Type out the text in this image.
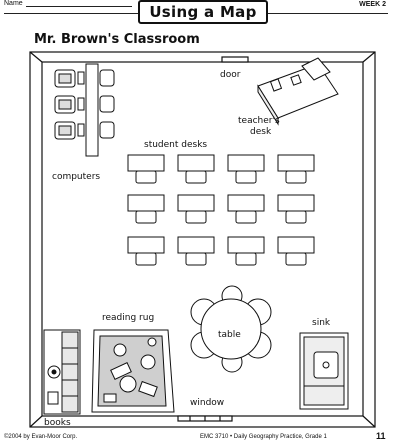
Name	Using a Map	WEEK 2
Mr. Brown's Classroom
door
teacher's
desk
student desks
computers
reading rug
table
sink
books
window
©2004 by Evan-Moor Corp.	EMC 3710 • Daily Geography Practice, Grade 1	11
